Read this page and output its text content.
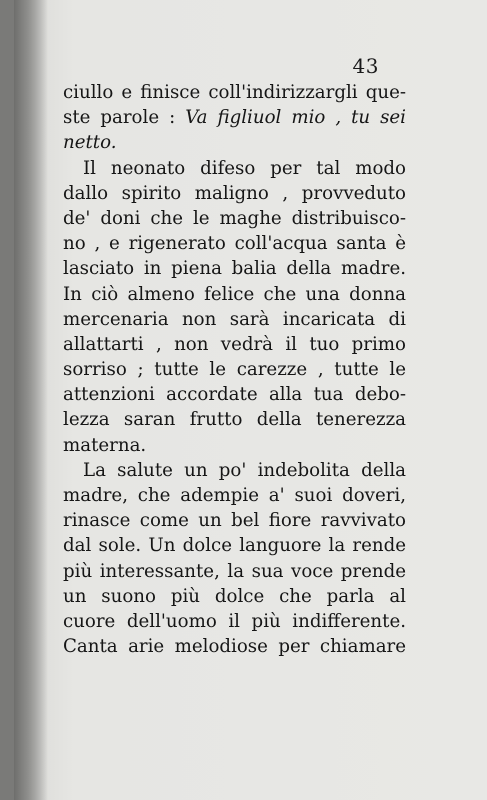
43
ciullo e finisce coll'indirizzargli que-
ste parole : Va figliuol mio , tu sei
netto.
Il neonato difeso per tal modo
dallo spirito maligno , provveduto
de' doni che le maghe distribuisco-
no , e rigenerato coll'acqua santa è
lasciato in piena balia della madre.
In ciò almeno felice che una donna
mercenaria non sarà incaricata di
allattarti , non vedrà il tuo primo
sorriso ; tutte le carezze , tutte le
attenzioni accordate alla tua debo-
lezza saran frutto della tenerezza
materna.
La salute un po' indebolita della
madre, che adempie a' suoi doveri,
rinasce come un bel fiore ravvivato
dal sole. Un dolce languore la rende
più interessante, la sua voce prende
un suono più dolce che parla al
cuore dell'uomo il più indifferente.
Canta arie melodiose per chiamare
